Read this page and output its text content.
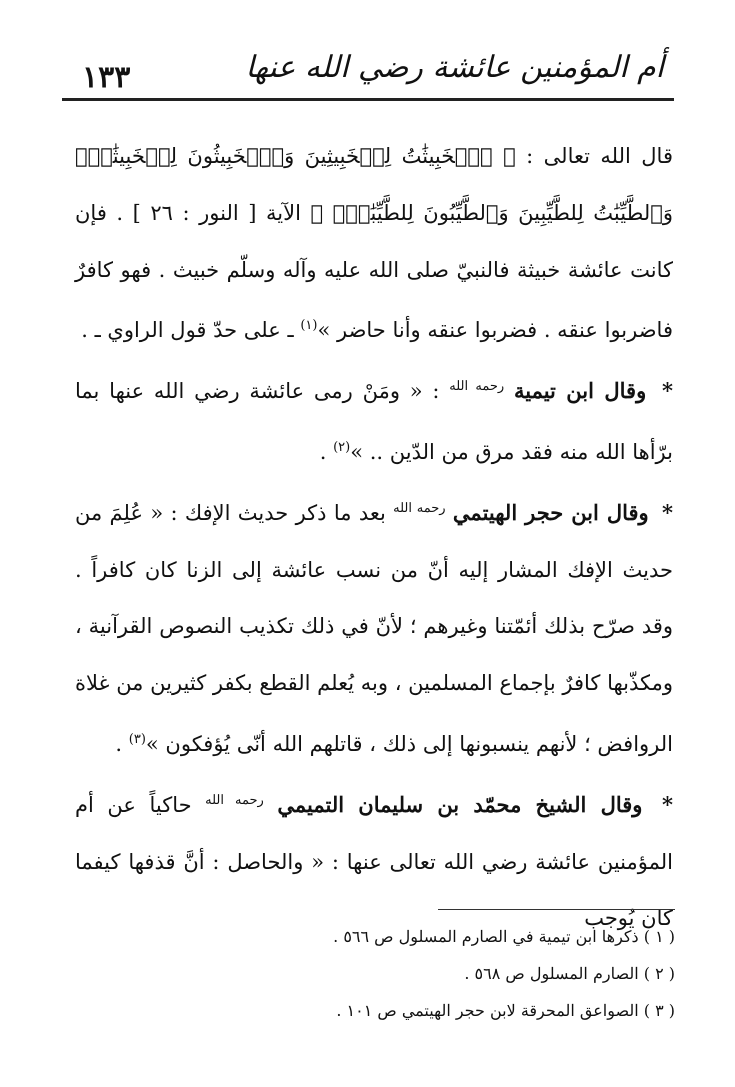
١٣٣	أم المؤمنين عائشة رضي الله عنها

قال الله تعالى : ﴿ ٱلۡخَبِيثَٰتُ لِلۡخَبِيثِينَ وَٱلۡخَبِيثُونَ لِلۡخَبِيثَٰتِۖ وَٱلطَّيِّبَٰتُ لِلطَّيِّبِينَ وَٱلطَّيِّبُونَ لِلطَّيِّبَٰتِۚ ﴾ الآية [ النور : ٢٦ ] . فإن كانت عائشة خبيثة فالنبيّ صلى الله عليه وآله وسلّم خبيث . فهو كافرٌ فاضربوا عنقه . فضربوا عنقه وأنا حاضر »$^{(١)}$ ـ على حدّ قول الراوي ـ .

* وقال ابن تيمية $^{رحمه الله}$ : « ومَنْ رمى عائشة رضي الله عنها بما برّأها الله منه فقد مرق من الدّين .. »$^{(٢)}$ .

* وقال ابن حجر الهيتمي $^{رحمه الله}$ بعد ما ذكر حديث الإفك : « عُلِمَ من حديث الإفك المشار إليه أنّ من نسب عائشة إلى الزنا كان كافراً . وقد صرّح بذلك أئمّتنا وغيرهم ؛ لأنّ في ذلك تكذيب النصوص القرآنية ، ومكذّبها كافرٌ بإجماع المسلمين ، وبه يُعلم القطع بكفر كثيرين من غلاة الروافض ؛ لأنهم ينسبونها إلى ذلك ، قاتلهم الله أنّى يُؤفكون »$^{(٣)}$ .

* وقال الشيخ محمّد بن سليمان التميمي $^{رحمه الله}$ حاكياً عن أم المؤمنين عائشة رضي الله تعالى عنها : « والحاصل : أنَّ قذفها كيفما كان يُوجب

( ١ ) ذكرها ابن تيمية في الصارم المسلول ص ٥٦٦ .
( ٢ ) الصارم المسلول ص ٥٦٨ .
( ٣ ) الصواعق المحرقة لابن حجر الهيتمي ص ١٠١ .
